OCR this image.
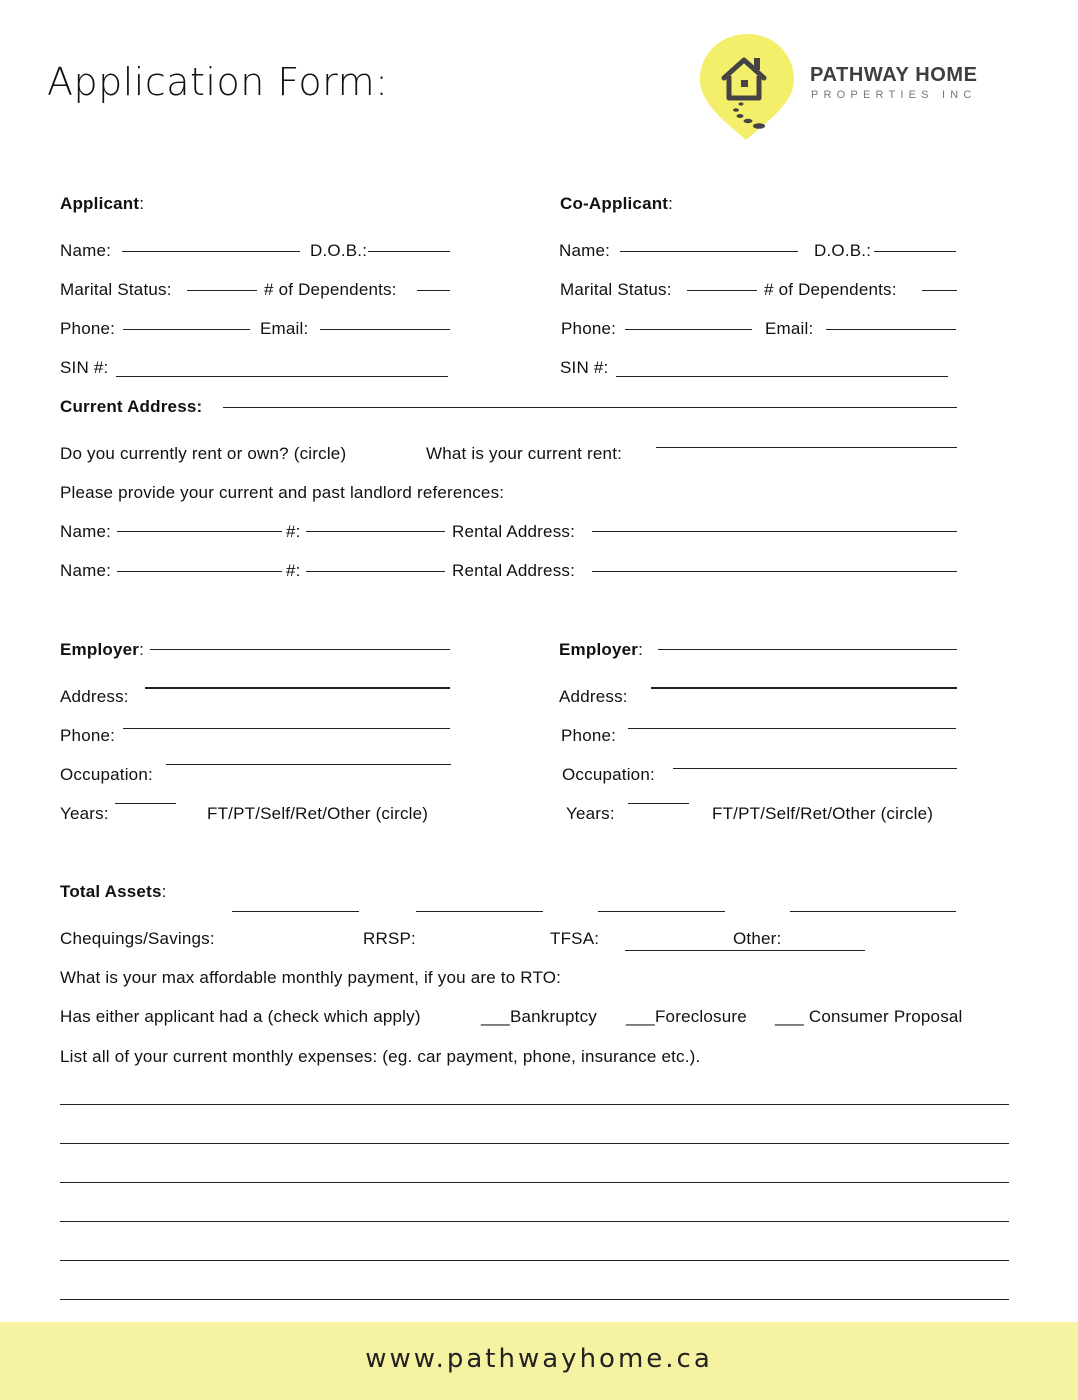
Application Form:	PATHWAY HOME
PROPERTIES INC
Applicant:
Name:	D.O.B.:
Marital Status:	# of Dependents:
Phone:	Email:
SIN #:
Co-Applicant:
Name:	D.O.B.:
Marital Status:	# of Dependents:
Phone:	Email:
SIN #:
Current Address:
Do you currently rent or own? (circle)	What is your current rent:
Please provide your current and past landlord references:
Name:	#:	Rental Address:
Name:	#:	Rental Address:
Employer:
Address:
Phone:
Occupation:
Years:	FT/PT/Self/Ret/Other (circle)
Employer:
Address:
Phone:
Occupation:
Years:	FT/PT/Self/Ret/Other (circle)
Total Assets:
Chequings/Savings:	RRSP:	TFSA:	Other:
What is your max affordable monthly payment, if you are to RTO:
Has either applicant had a (check which apply)	___Bankruptcy ___Foreclosure ___ Consumer Proposal
List all of your current monthly expenses: (eg. car payment, phone, insurance etc.).
www.pathwayhome.ca
